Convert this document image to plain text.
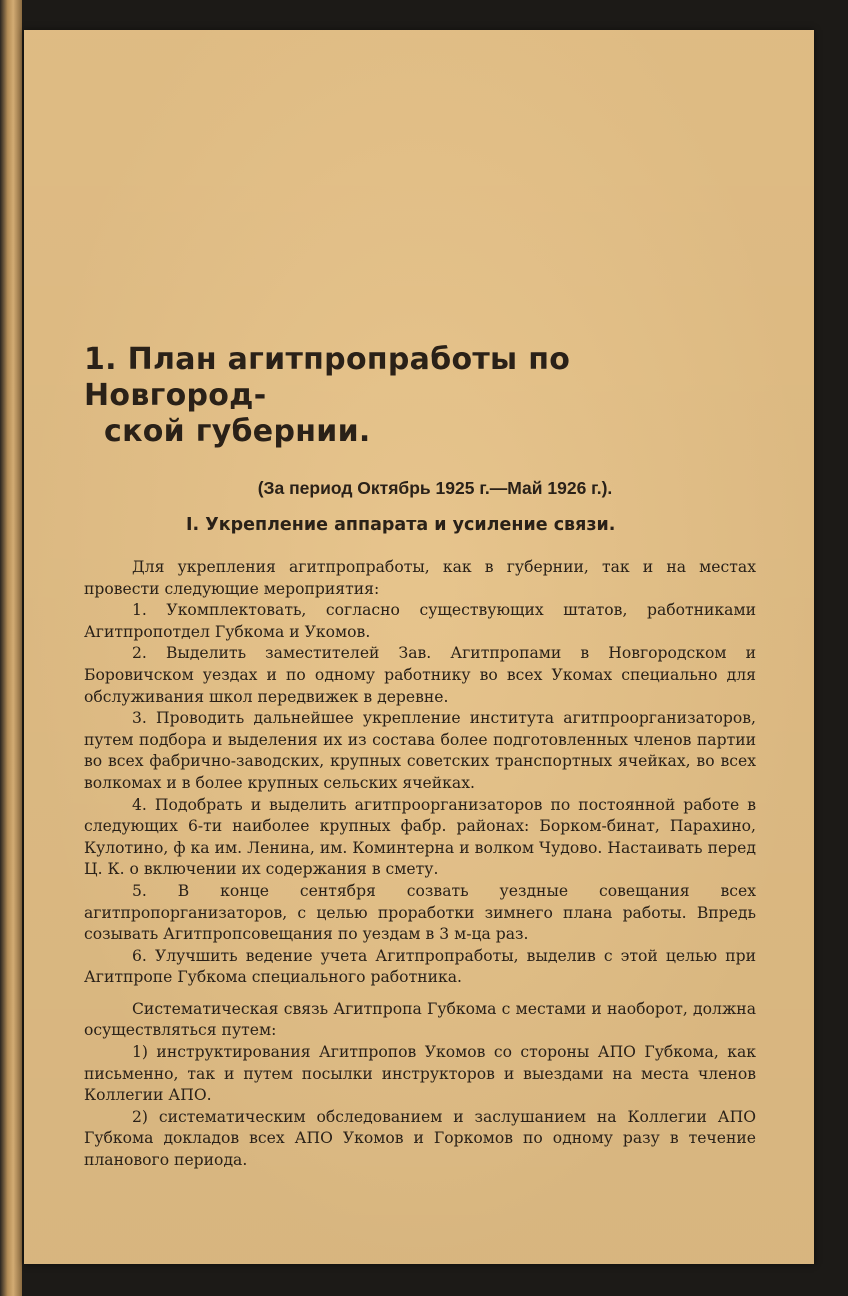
1. План агитпропработы по Новгород-
ской губернии.
(За период Октябрь 1925 г.—Май 1926 г.).
I. Укрепление аппарата и усиление связи.

Для укрепления агитпропработы, как в губернии, так и на местах провести следующие мероприятия:

1. Укомплектовать, согласно существующих штатов, работниками Агитпропотдел Губкома и Укомов.

2. Выделить заместителей Зав. Агитпропами в Новгородском и Боровичском уездах и по одному работнику во всех Укомах специально для обслуживания школ передвижек в деревне.

3. Проводить дальнейшее укрепление института агитпроорганизаторов, путем подбора и выделения их из состава более подготовленных членов партии во всех фабрично-заводских, крупных советских транспортных ячейках, во всех волкомах и в более крупных сельских ячейках.

4. Подобрать и выделить агитпроорганизаторов по постоянной работе в следующих 6-ти наиболее крупных фабр. районах: Борком-бинат, Парахино, Кулотино, ф ка им. Ленина, им. Коминтерна и волком Чудово. Настаивать перед Ц. К. о включении их содержания в смету.

5. В конце сентября созвать уездные совещания всех агитпропорганизаторов, с целью проработки зимнего плана работы. Впредь созывать Агитпропсовещания по уездам в 3 м-ца раз.

6. Улучшить ведение учета Агитпропработы, выделив с этой целью при Агитпропе Губкома специального работника.

Систематическая связь Агитпропа Губкома с местами и наоборот, должна осуществляться путем:

1) инструктирования Агитпропов Укомов со стороны АПО Губкома, как письменно, так и путем посылки инструкторов и выездами на места членов Коллегии АПО.

2) систематическим обследованием и заслушанием на Коллегии АПО Губкома докладов всех АПО Укомов и Горкомов по одному разу в течение планового периода.
